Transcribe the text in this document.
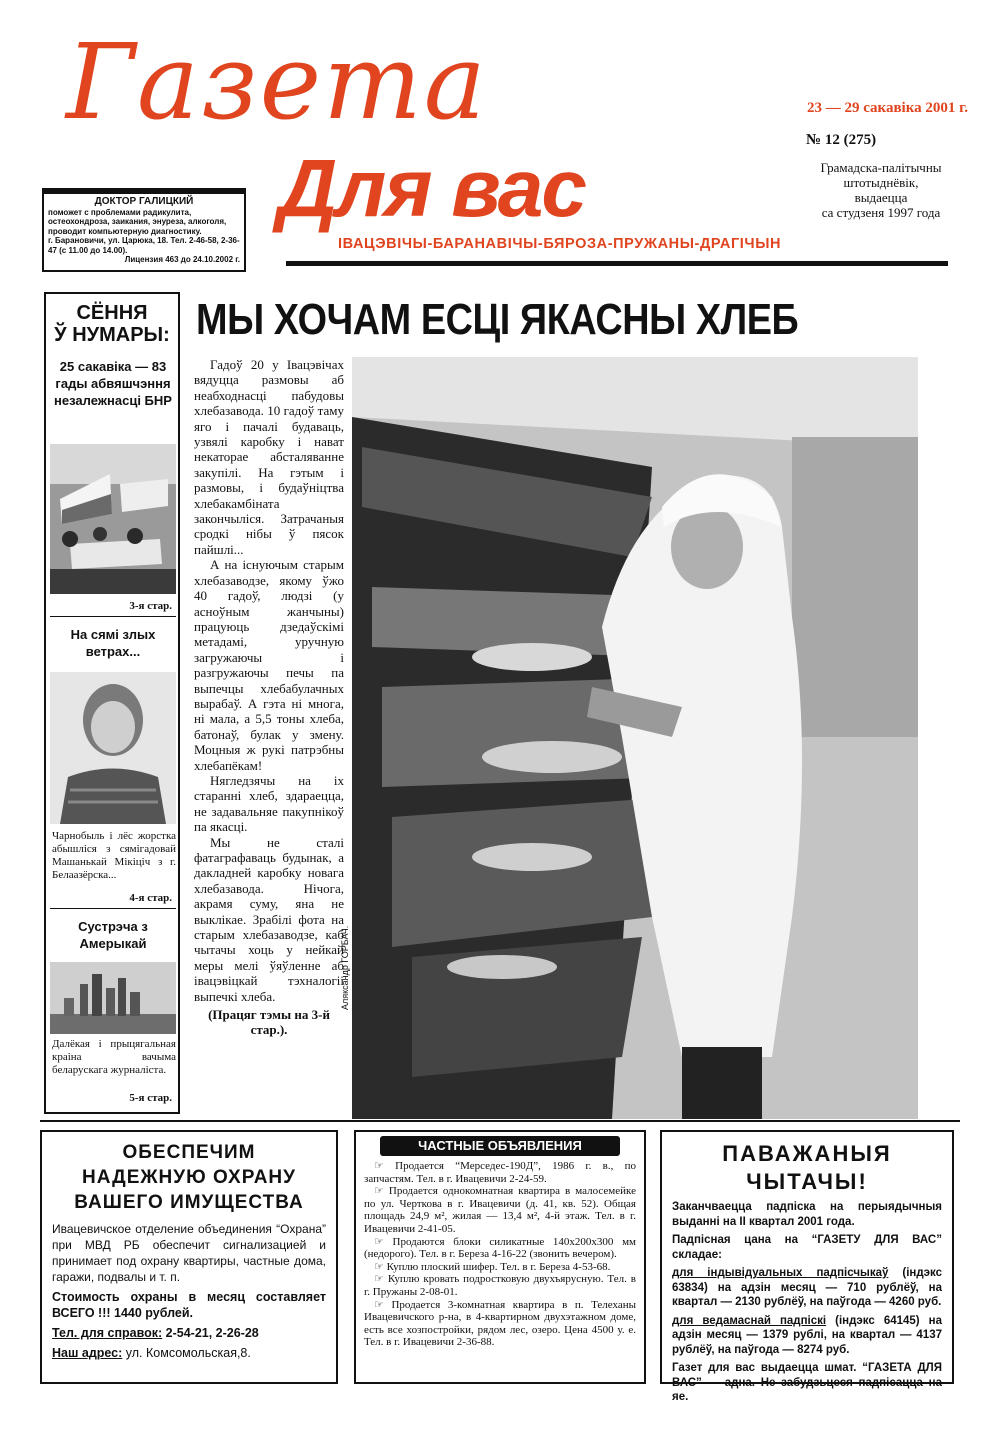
Газета
Для вас
23 — 29 сакавіка 2001 г.
№ 12 (275)
Грамадска-палітычны
штотыднёвік,
выдаецца
са студзеня 1997 года
ІВАЦЭВІЧЫ-БАРАНАВІЧЫ-БЯРОЗА-ПРУЖАНЫ-ДРАГІЧЫН
ДОКТОР ГАЛИЦКИЙ
поможет с проблемами радикулита, остеохондроза, заикания, энуреза, алкоголя, проводит компьютерную диагностику.
г. Барановичи, ул. Царюка, 18. Тел. 2-46-58, 2-36-47 (с 11.00 до 14.00).
Лицензия 463 до 24.10.2002 г.
СЁННЯ
Ў НУМАРЫ:
25 сакавіка — 83 гады абвяшчэння незалежнасці БНР
3-я стар.
На сямі злых ветрах...
Чарнобыль і лёс жорстка абышліся з сямігадовай Машанькай Мікіціч з г. Белаазёрска...
4-я стар.
Сустрэча з Амерыкай
Далёкая і прыцягальная краіна вачыма беларускага журналіста.
5-я стар.
МЫ ХОЧАМ ЕСЦІ ЯКАСНЫ ХЛЕБ

Гадоў 20 у Івацэвічах вядуцца размовы аб неабходнасці пабудовы хлебазавода. 10 гадоў таму яго і пачалі будаваць, узвялі каробку і нават некаторае абсталяванне закупілі. На гэтым і размовы, і будаўніцтва хлебакамбіната закончыліся. Затрачаныя сродкі нібы ў пясок пайшлі...

А на існуючым старым хлебазаводзе, якому ўжо 40 гадоў, людзі (у асноўным жанчыны) працуюць дзедаўскімі метадамі, уручную загружаючы і разгружаючы печы па выпечцы хлебабулачных вырабаў. А гэта ні многа, ні мала, а 5,5 тоны хлеба, батонаў, булак у змену. Моцныя ж рукі патрэбны хлебапёкам!

Нягледзячы на іх стаpанні хлеб, здараецца, не задавальняе пакупнікоў па якасці.

Мы не сталі фатаграфаваць будынак, а дакладней каробку новага хлебазавода. Нічога, акрамя суму, яна не выклікае. Зрабілі фота на старым хлебазаводзе, каб чытачы хоць у нейкай меры мелі ўяўленне аб івацэвіцкай тэхналогіі выпечкі хлеба.

(Працяг тэмы на 3-й стар.).

Аляксандр ГОРБАЧ.
ОБЕСПЕЧИМ
НАДЕЖНУЮ ОХРАНУ
ВАШЕГО ИМУЩЕСТВА
Ивацевичское отделение объединения “Охрана” при МВД РБ обеспечит сигнализацией и принимает под охрану квартиры, частные дома, гаражи, подвалы и т. п.
Стоимость охраны в месяц составляет ВСЕГО !!! 1440 рублей.
Тел. для справок: 2-54-21, 2-26-28
Наш адрес: ул. Комсомольская,8.
ЧАСТНЫЕ ОБЪЯВЛЕНИЯ
☞ Продается “Мерседес-190Д”, 1986 г. в., по запчастям. Тел. в г. Ивацевичи 2-24-59.
☞ Продается однокомнатная квартира в малосемейке по ул. Черткова в г. Ивацевичи (д. 41, кв. 52). Общая площадь 24,9 м², жилая — 13,4 м², 4-й этаж. Тел. в г. Ивацевичи 2-41-05.
☞ Продаются блоки силикатные 140х200х300 мм (недорого). Тел. в г. Береза 4-16-22 (звонить вечером).
☞ Куплю плоский шифер. Тел. в г. Береза 4-53-68.
☞ Куплю кровать подростковую двухъярусную. Тел. в г. Пружаны 2-08-01.
☞ Продается 3-комнатная квартира в п. Телеханы Ивацевичского р-на, в 4-квартирном двухэтажном доме, есть все хозпостройки, рядом лес, озеро. Цена 4500 у. е. Тел. в г. Ивацевичи 2-36-88.
ПАВАЖАНЫЯ
ЧЫТАЧЫ!
Заканчваецца падпіска на перыядычныя выданні на II квартал 2001 года.
Падпісная цана на “ГАЗЕТУ ДЛЯ ВАС” складае:
для індывідуальных падпісчыкаў (індэкс 63834) на адзін месяц — 710 рублёў, на квартал — 2130 рублёў, на паўгода — 4260 руб.
для ведамаснай падпіскі (індэкс 64145) на адзін месяц — 1379 рублі, на квартал — 4137 рублёў, на паўгода — 8274 руб.
Газет для вас выдаецца шмат. “ГАЗЕТА ДЛЯ ВАС” — адна. Не забудзьцеся падпісацца на яе.
